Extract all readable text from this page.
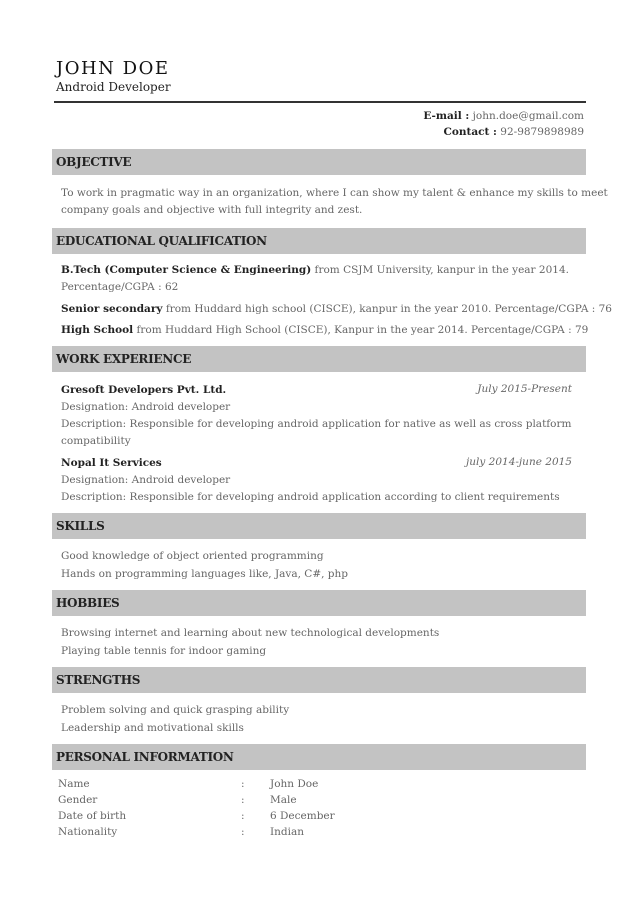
JOHN DOE
Android Developer
E-mail : john.doe@gmail.com
Contact : 92-9879898989
OBJECTIVE
To work in pragmatic way in an organization, where I can show my talent & enhance my skills to meet
company goals and objective with full integrity and zest.
EDUCATIONAL QUALIFICATION
B.Tech (Computer Science & Engineering) from CSJM University, kanpur in the year 2014.
Percentage/CGPA : 62
Senior secondary from Huddard high school (CISCE), kanpur in the year 2010. Percentage/CGPA : 76
High School from Huddard High School (CISCE), Kanpur in the year 2014. Percentage/CGPA : 79
WORK EXPERIENCE
Gresoft Developers Pvt. Ltd.	July 2015-Present
Designation: Android developer
Description: Responsible for developing android application for native as well as cross platform
compatibility
Nopal It Services	july 2014-june 2015
Designation: Android developer
Description: Responsible for developing android application according to client requirements
SKILLS
Good knowledge of object oriented programming
Hands on programming languages like, Java, C#, php
HOBBIES
Browsing internet and learning about new technological developments
Playing table tennis for indoor gaming
STRENGTHS
Problem solving and quick grasping ability
Leadership and motivational skills
PERSONAL INFORMATION
Name	: John Doe
Gender	: Male
Date of birth	: 6 December
Nationality	: Indian
